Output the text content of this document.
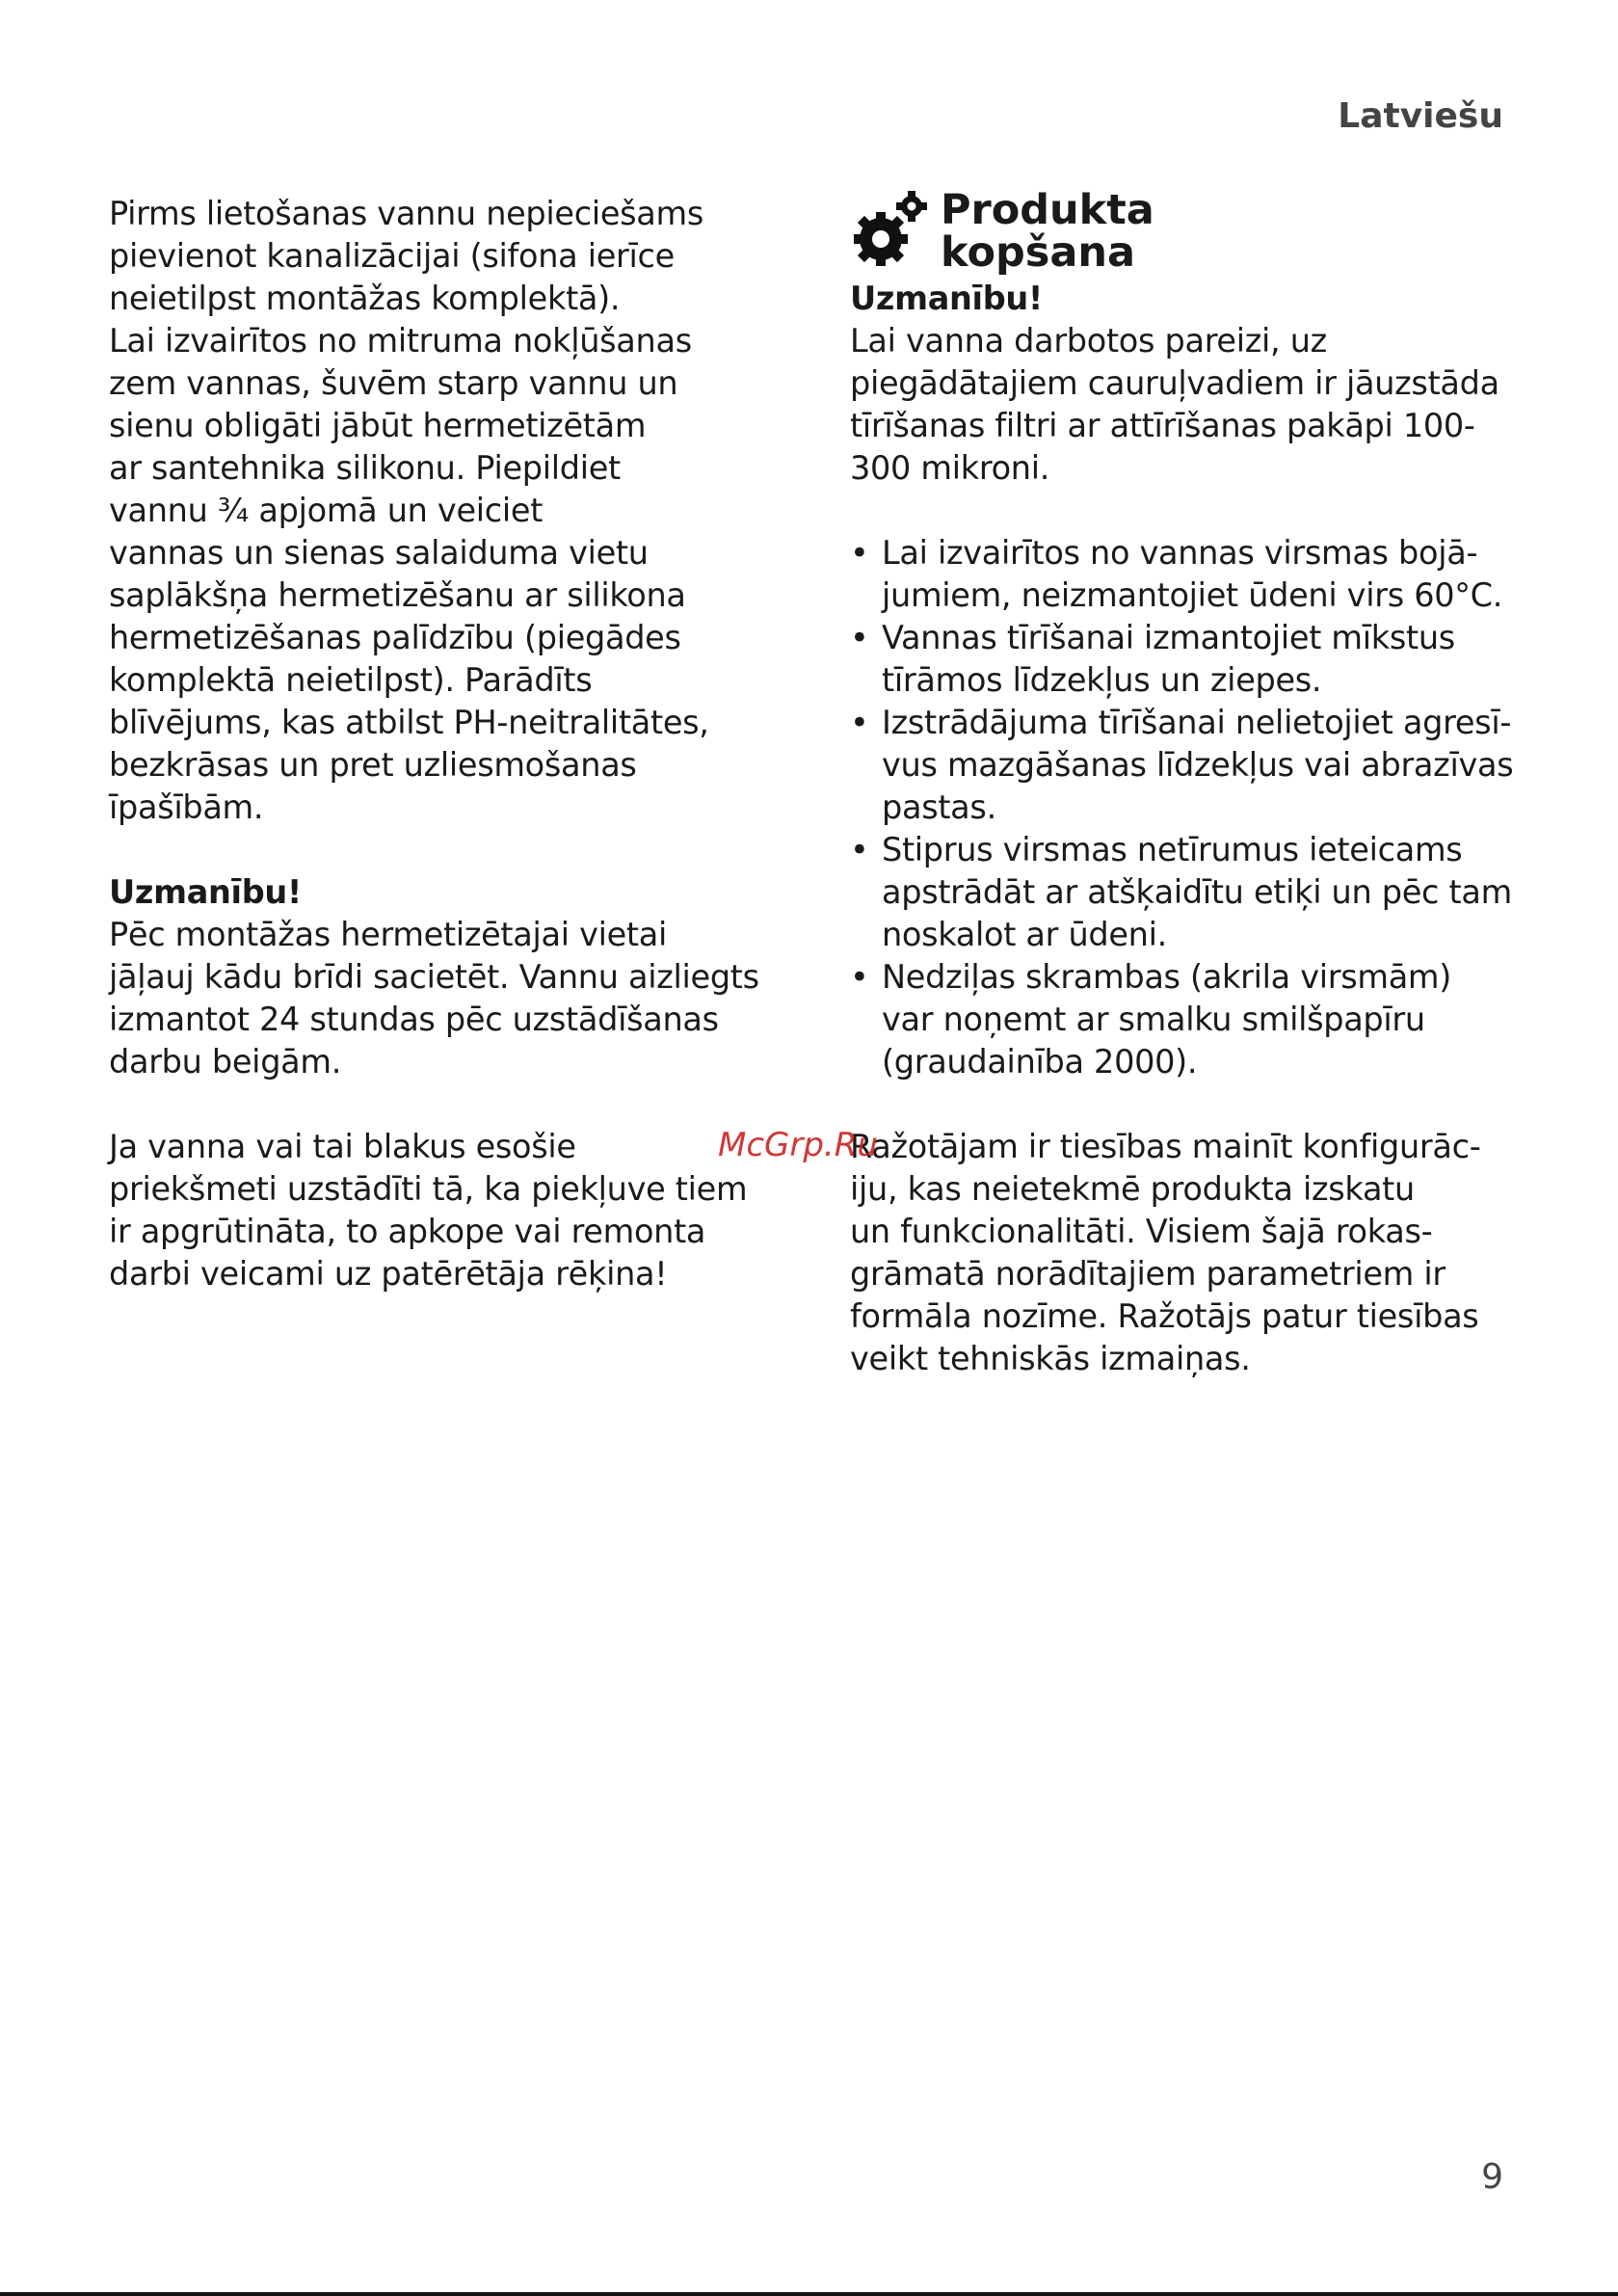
Latviešu

Pirms lietošanas vannu nepieciešams
pievienot kanalizācijai (sifona ierīce
neietilpst montāžas komplektā).
Lai izvairītos no mitruma nokļūšanas
zem vannas, šuvēm starp vannu un
sienu obligāti jābūt hermetizētām
ar santehnika silikonu. Piepildiet
vannu ¾ apjomā un veiciet
vannas un sienas salaiduma vietu
saplākšņa hermetizēšanu ar silikona
hermetizēšanas palīdzību (piegādes
komplektā neietilpst). Parādīts
blīvējums, kas atbilst PH-neitralitātes,
bezkrāsas un pret uzliesmošanas
īpašībām.

Uzmanību!

Pēc montāžas hermetizētajai vietai
jāļauj kādu brīdi sacietēt. Vannu aizliegts
izmantot 24 stundas pēc uzstādīšanas
darbu beigām.

Ja vanna vai tai blakus esošie
priekšmeti uzstādīti tā, ka piekļuve tiem
ir apgrūtināta, to apkope vai remonta
darbi veicami uz patērētāja rēķina!

Produkta
kopšana

Uzmanību!

Lai vanna darbotos pareizi, uz
piegādātajiem cauruļvadiem ir jāuzstāda
tīrīšanas filtri ar attīrīšanas pakāpi 100-
300 mikroni.

• Lai izvairītos no vannas virsmas bojā-
jumiem, neizmantojiet ūdeni virs 60°C.
• Vannas tīrīšanai izmantojiet mīkstus
tīrāmos līdzekļus un ziepes.
• Izstrādājuma tīrīšanai nelietojiet agresī-
vus mazgāšanas līdzekļus vai abrazīvas
pastas.
• Stiprus virsmas netīrumus ieteicams
apstrādāt ar atšķaidītu etiķi un pēc tam
noskalot ar ūdeni.
• Nedziļas skrambas (akrila virsmām)
var noņemt ar smalku smilšpapīru
(graudainība 2000).

Ražotājam ir tiesības mainīt konfigurāc-
iju, kas neietekmē produkta izskatu
un funkcionalitāti. Visiem šajā rokas-
grāmatā norādītajiem parametriem ir
formāla nozīme. Ražotājs patur tiesības
veikt tehniskās izmaiņas.

McGrp.Ru

9
